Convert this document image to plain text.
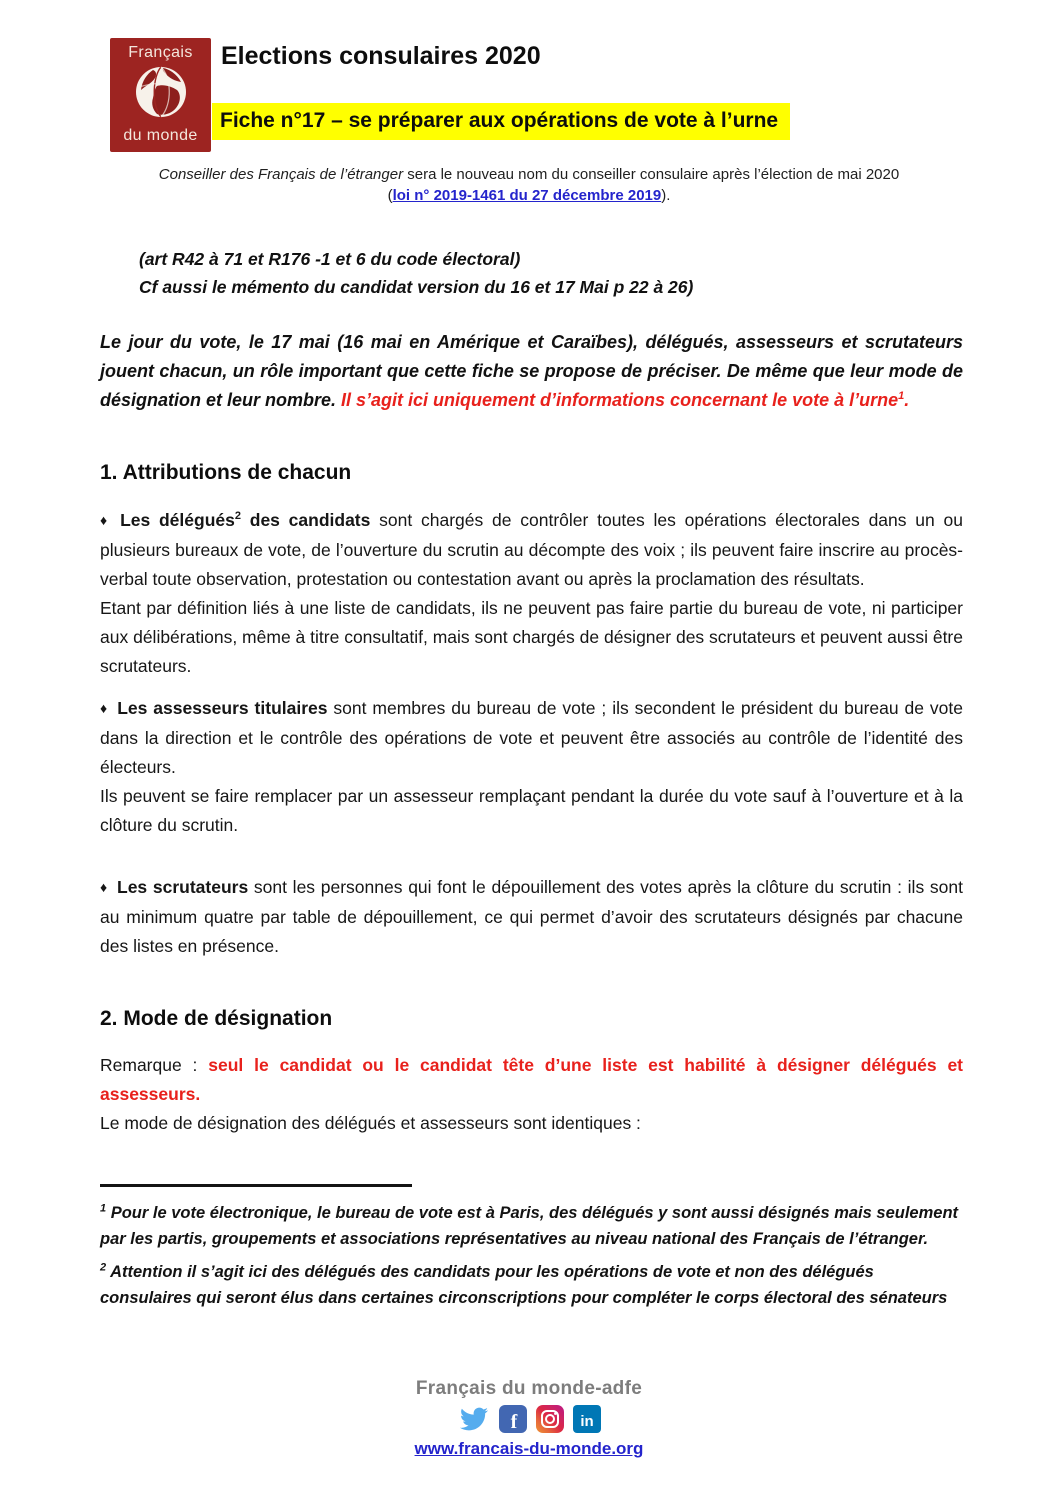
Français
du monde
Elections consulaires 2020
Fiche n°17 – se préparer aux opérations de vote à l’urne
Conseiller des Français de l’étranger sera le nouveau nom du conseiller consulaire après l’élection de mai 2020
(loi n° 2019-1461 du 27 décembre 2019).
(art R42 à 71 et R176 -1 et 6 du code électoral)
Cf aussi le mémento du candidat version du 16 et 17 Mai p 22 à 26)
Le jour du vote, le 17 mai (16 mai en Amérique et Caraïbes), délégués, assesseurs et scrutateurs jouent chacun, un rôle important que cette fiche se propose de préciser. De même que leur mode de désignation et leur nombre. Il s’agit ici uniquement d’informations concernant le vote à l’urne$^1$.
1. Attributions de chacun

♦ Les délégués$^2$ des candidats sont chargés de contrôler toutes les opérations électorales dans un ou plusieurs bureaux de vote, de l’ouverture du scrutin au décompte des voix ; ils peuvent faire inscrire au procès-verbal toute observation, protestation ou contestation avant ou après la proclamation des résultats.

Etant par définition liés à une liste de candidats, ils ne peuvent pas faire partie du bureau de vote, ni participer aux délibérations, même à titre consultatif, mais sont chargés de désigner des scrutateurs et peuvent aussi être scrutateurs.

♦ Les assesseurs titulaires sont membres du bureau de vote ; ils secondent le président du bureau de vote dans la direction et le contrôle des opérations de vote et peuvent être associés au contrôle de l’identité des électeurs.

Ils peuvent se faire remplacer par un assesseur remplaçant pendant la durée du vote sauf à l’ouverture et à la clôture du scrutin.

♦ Les scrutateurs sont les personnes qui font le dépouillement des votes après la clôture du scrutin : ils sont au minimum quatre par table de dépouillement, ce qui permet d’avoir des scrutateurs désignés par chacune des listes en présence.

2. Mode de désignation

Remarque : seul le candidat ou le candidat tête d’une liste est habilité à désigner délégués et assesseurs.

Le mode de désignation des délégués et assesseurs sont identiques :

$^1$ Pour le vote électronique, le bureau de vote est à Paris, des délégués y sont aussi désignés mais seulement par les partis, groupements et associations représentatives au niveau national des Français de l’étranger.

$^2$ Attention il s’agit ici des délégués des candidats pour les opérations de vote et non des délégués consulaires qui seront élus dans certaines circonscriptions pour compléter le corps électoral des sénateurs

Français du monde-adfe
f	in
www.francais-du-monde.org
